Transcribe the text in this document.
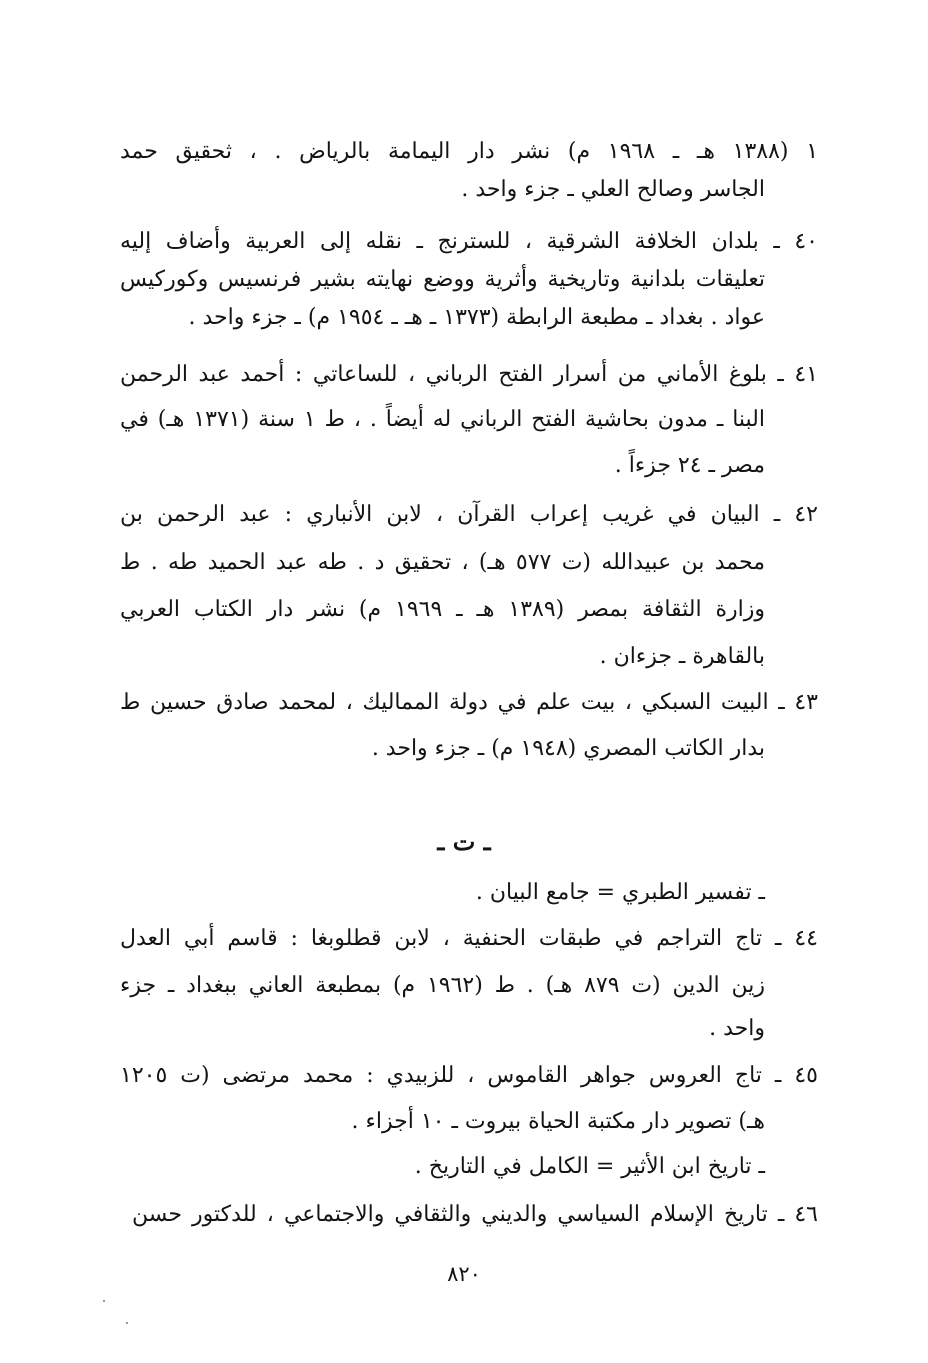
١ (١٣٨٨ هـ ـ ١٩٦٨ م) نشر دار اليمامة بالرياض . ، ثحقيق حمد
الجاسر وصالح العلي ـ جزء واحد .
٤٠ ـ بلدان الخلافة الشرقية ، للسترنج ـ نقله إلى العربية وأضاف إليه
تعليقات بلدانية وتاريخية وأثرية ووضع نهايته بشير فرنسيس وكوركيس
عواد . بغداد ـ مطبعة الرابطة (١٣٧٣ ـ هـ ـ ١٩٥٤ م) ـ جزء واحد .
٤١ ـ بلوغ الأماني من أسرار الفتح الرباني ، للساعاتي : أحمد عبد الرحمن
البنا ـ مدون بحاشية الفتح الرباني له أيضاً . ، ط ١ سنة (١٣٧١ هـ) في
مصر ـ ٢٤ جزءاً .
٤٢ ـ البيان في غريب إعراب القرآن ، لابن الأنباري : عبد الرحمن بن
محمد بن عبيدالله (ت ٥٧٧ هـ) ، تحقيق د . طه عبد الحميد طه . ط
وزارة الثقافة بمصر (١٣٨٩ هـ ـ ١٩٦٩ م) نشر دار الكتاب العربي
بالقاهرة ـ جزءان .
٤٣ ـ البيت السبكي ، بيت علم في دولة المماليك ، لمحمد صادق حسين ط
بدار الكاتب المصري (١٩٤٨ م) ـ جزء واحد .
ـ ت ـ
ـ تفسير الطبري = جامع البيان .
٤٤ ـ تاج التراجم في طبقات الحنفية ، لابن قطلوبغا : قاسم أبي العدل
زين الدين (ت ٨٧٩ هـ) . ط (١٩٦٢ م) بمطبعة العاني ببغداد ـ جزء
واحد .
٤٥ ـ تاج العروس جواهر القاموس ، للزبيدي : محمد مرتضى (ت ١٢٠٥
هـ) تصوير دار مكتبة الحياة بيروت ـ ١٠ أجزاء .
ـ تاريخ ابن الأثير = الكامل في التاريخ .
٤٦ ـ تاريخ الإسلام السياسي والديني والثقافي والاجتماعي ، للدكتور حسن
٨٢٠
